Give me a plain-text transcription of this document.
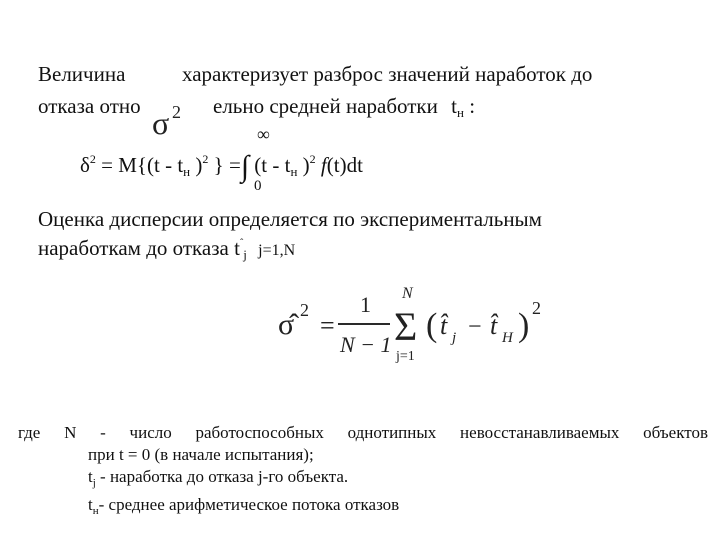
Величина	характеризует разброс значений наработок до
отказа отно	ельно средней наработки $t_н$ :
σ 2
∞
0
$\delta^2 = M\{(t - t_н$ )$^2$ } =∫ ($t - t_н$ )$^2$ f(t)dt
Оценка дисперсии определяется по экспериментальным
наработкам до отказа $t^ˆ_j$ j=1,N
σ̂ 2
=
1
N − 1
N
Σ
j=1
( t̂ j − t̂ H ) 2
где N - число работоспособных однотипных невосстанавливаемых объектов
при t = 0 (в начале испытания);
$t_j$ - наработка до отказа j-го объекта.
$t_н-$ среднее арифметическое потока отказов
